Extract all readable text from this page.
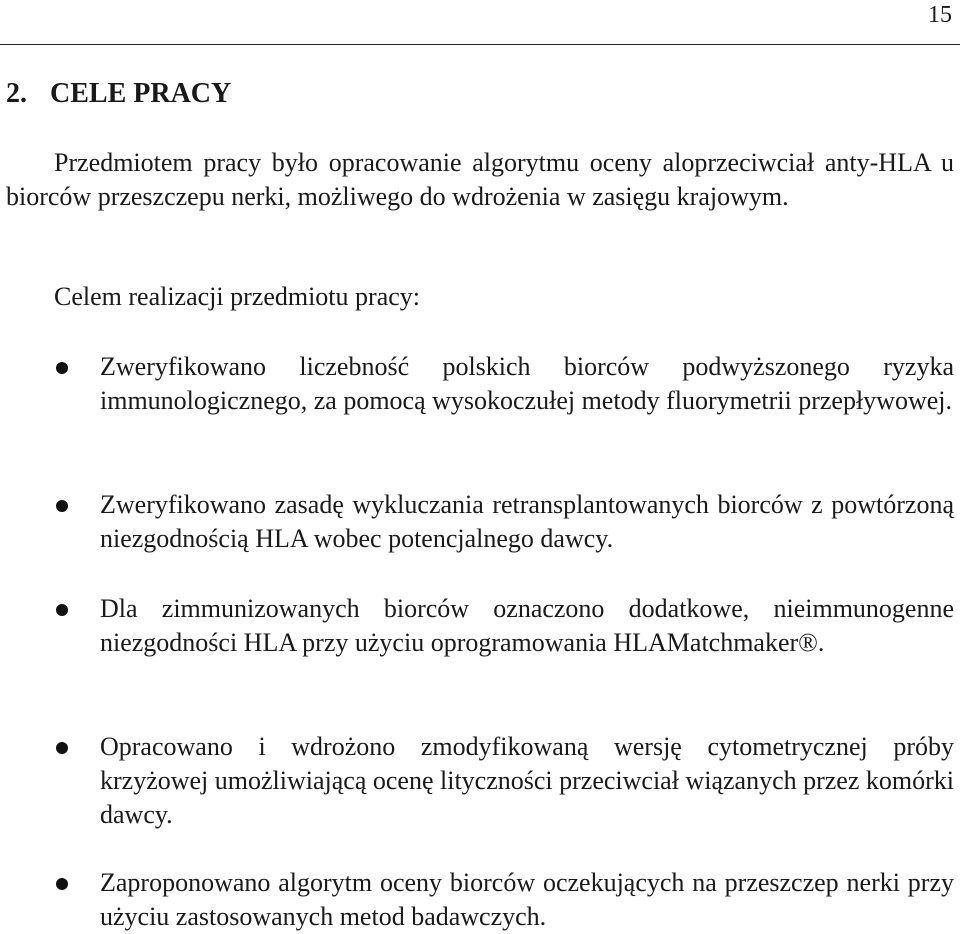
15
2. CELE PRACY

Przedmiotem pracy było opracowanie algorytmu oceny aloprzeciwciał anty-HLA u biorców przeszczepu nerki, możliwego do wdrożenia w zasięgu krajowym.

Celem realizacji przedmiotu pracy:

Zweryfikowano liczebność polskich biorców podwyższonego ryzyka immunologicznego, za pomocą wysokoczułej metody fluorymetrii przepływowej.

Zweryfikowano zasadę wykluczania retransplantowanych biorców z powtórzoną niezgodnością HLA wobec potencjalnego dawcy.

Dla zimmunizowanych biorców oznaczono dodatkowe, nieimmunogenne niezgodności HLA przy użyciu oprogramowania HLAMatchmaker®.

Opracowano i wdrożono zmodyfikowaną wersję cytometrycznej próby krzyżowej umożliwiającą ocenę lityczności przeciwciał wiązanych przez komórki dawcy.

Zaproponowano algorytm oceny biorców oczekujących na przeszczep nerki przy użyciu zastosowanych metod badawczych.
